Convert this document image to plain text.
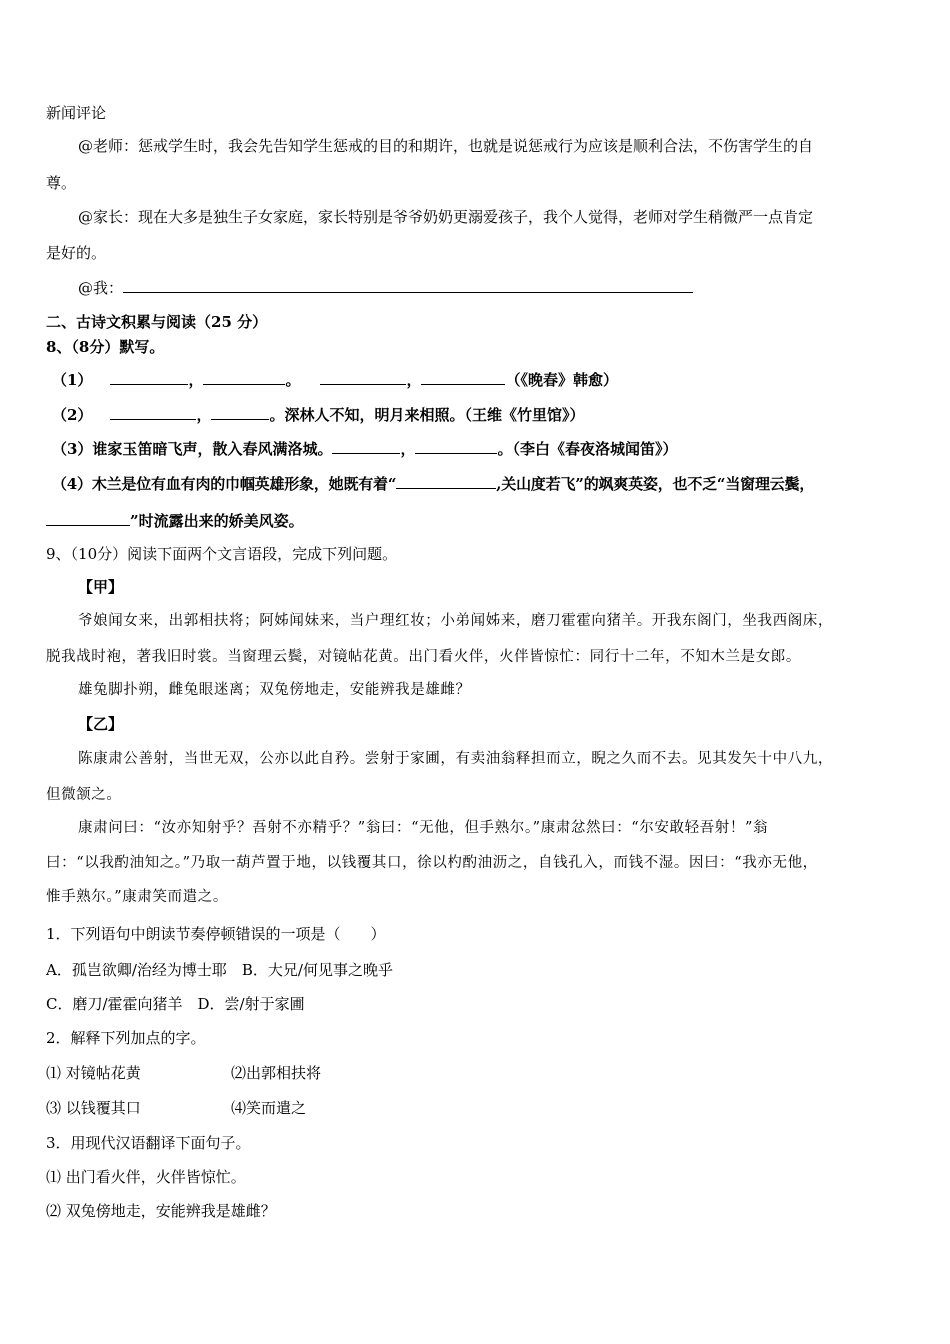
新闻评论
@老师：惩戒学生时，我会先告知学生惩戒的目的和期许，也就是说惩戒行为应该是顺利合法，不伤害学生的自
尊。
@家长：现在大多是独生子女家庭，家长特别是爷爷奶奶更溺爱孩子，我个人觉得，老师对学生稍微严一点肯定
是好的。
@我：
二、古诗文积累与阅读（25 分）
8、（8分）默写。
（1）	，	。	，	（《晚春》韩愈）
（2）	，	。深林人不知，明月来相照。（王维《竹里馆》）
（3）谁家玉笛暗飞声，散入春风满洛城。	，	。（李白《春夜洛城闻笛》）
（4）木兰是位有血有肉的巾帼英雄形象，她既有着“	,关山度若飞”的飒爽英姿，也不乏“当窗理云鬓，
”时流露出来的娇美风姿。
9、（10分）阅读下面两个文言语段，完成下列问题。
【甲】
爷娘闻女来，出郭相扶将；阿姊闻妹来，当户理红妆；小弟闻姊来，磨刀霍霍向猪羊。开我东阁门，坐我西阁床，
脱我战时袍，著我旧时裳。当窗理云鬓，对镜帖花黄。出门看火伴，火伴皆惊忙：同行十二年，不知木兰是女郎。
雄兔脚扑朔，雌兔眼迷离；双兔傍地走，安能辨我是雄雌？
【乙】
陈康肃公善射，当世无双，公亦以此自矜。尝射于家圃，有卖油翁释担而立，睨之久而不去。见其发矢十中八九，
但微颔之。
康肃问曰：“汝亦知射乎？吾射不亦精乎？”翁曰：“无他，但手熟尔。”康肃忿然曰：“尔安敢轻吾射！”翁
曰：“以我酌油知之。”乃取一葫芦置于地，以钱覆其口，徐以杓酌油沥之，自钱孔入，而钱不湿。因曰：“我亦无他，
惟手熟尔。”康肃笑而遣之。
1．下列语句中朗读节奏停顿错误的一项是（　　）
A．孤岂欲卿/治经为博士耶　B．大兄/何见事之晚乎
C．磨刀/霍霍向猪羊　D．尝/射于家圃
2．解释下列加点的字。
⑴ 对镜帖花黄	⑵出郭相扶将
⑶ 以钱覆其口	⑷笑而遣之
3．用现代汉语翻译下面句子。
⑴ 出门看火伴，火伴皆惊忙。
⑵ 双兔傍地走，安能辨我是雄雌？
